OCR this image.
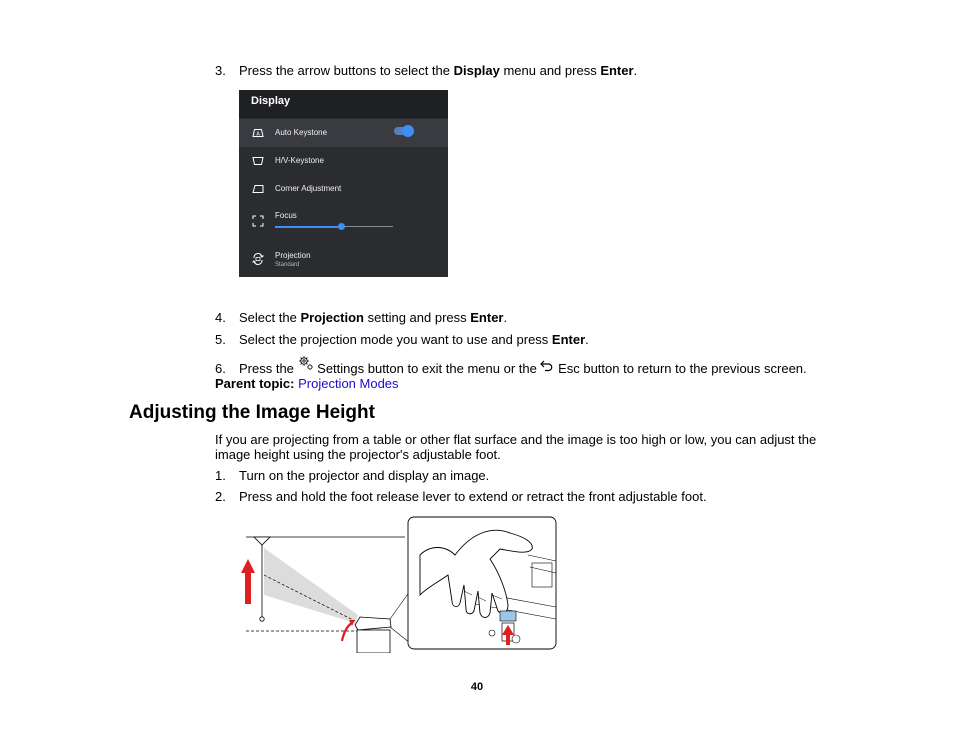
3. Press the arrow buttons to select the Display menu and press Enter.
Display
A Auto Keystone
H/V-Keystone
Corner Adjustment
Focus
Projection
Standard
4. Select the Projection setting and press Enter.
5. Select the projection mode you want to use and press Enter.
6. Press the  Settings button to exit the menu or the  Esc button to return to the previous screen.
Parent topic: Projection Modes
Adjusting the Image Height
If you are projecting from a table or other flat surface and the image is too high or low, you can adjust the image height using the projector's adjustable foot.
1. Turn on the projector and display an image.
2. Press and hold the foot release lever to extend or retract the front adjustable foot.
40
